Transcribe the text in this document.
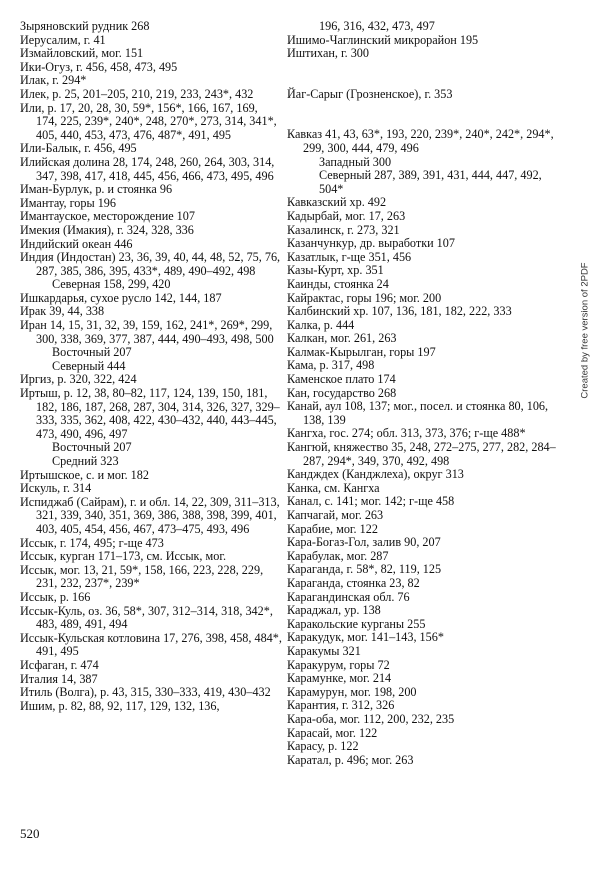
Зыряновский рудник 268

Иерусалим, г. 41

Измайловский, мог. 151

Ики-Огуз, г. 456, 458, 473, 495

Илак, г. 294*

Илек, р. 25, 201–205, 210, 219, 233, 243*, 432

Или, р. 17, 20, 28, 30, 59*, 156*, 166, 167, 169, 174, 225, 239*, 240*, 248, 270*, 273, 314, 341*, 405, 440, 453, 473, 476, 487*, 491, 495

Или-Балык, г. 456, 495

Илийская долина 28, 174, 248, 260, 264, 303, 314, 347, 398, 417, 418, 445, 456, 466, 473, 495, 496

Иман-Бурлук, р. и стоянка 96

Имантау, горы 196

Имантауское, месторождение 107

Имекия (Имакия), г. 324, 328, 336

Индийский океан 446

Индия (Индостан) 23, 36, 39, 40, 44, 48, 52, 75, 76, 287, 385, 386, 395, 433*, 489, 490–492, 498

Северная 158, 299, 420

Ишкардарья, сухое русло 142, 144, 187

Ирак 39, 44, 338

Иран 14, 15, 31, 32, 39, 159, 162, 241*, 269*, 299, 300, 338, 369, 377, 387, 444, 490–493, 498, 500

Восточный 207

Северный 444

Иргиз, р. 320, 322, 424

Иртыш, р. 12, 38, 80–82, 117, 124, 139, 150, 181, 182, 186, 187, 268, 287, 304, 314, 326, 327, 329–333, 335, 362, 408, 422, 430–432, 440, 443–445, 473, 490, 496, 497

Восточный 207

Средний 323

Иртышское, с. и мог. 182

Искуль, г. 314

Испиджаб (Сайрам), г. и обл. 14, 22, 309, 311–313, 321, 339, 340, 351, 369, 386, 388, 398, 399, 401, 403, 405, 454, 456, 467, 473–475, 493, 496

Иссык, г. 174, 495; г-ще 473

Иссык, курган 171–173, см. Иссык, мог.

Иссык, мог. 13, 21, 59*, 158, 166, 223, 228, 229, 231, 232, 237*, 239*

Иссык, р. 166

Иссык-Куль, оз. 36, 58*, 307, 312–314, 318, 342*, 483, 489, 491, 494

Иссык-Кульская котловина 17, 276, 398, 458, 484*, 491, 495

Исфаган, г. 474

Италия 14, 387

Итиль (Волга), р. 43, 315, 330–333, 419, 430–432

Ишим, р. 82, 88, 92, 117, 129, 132, 136,

196, 316, 432, 473, 497

Ишимо-Чаглинский микрорайон 195

Иштихан, г. 300

Йаг-Сарыг (Грозненское), г. 353

Кавказ 41, 43, 63*, 193, 220, 239*, 240*, 242*, 294*, 299, 300, 444, 479, 496

Западный 300

Северный 287, 389, 391, 431, 444, 447, 492, 504*

Кавказский хр. 492

Кадырбай, мог. 17, 263

Казалинск, г. 273, 321

Казанчункур, др. выработки 107

Казатлык, г-ще 351, 456

Казы-Курт, хр. 351

Каинды, стоянка 24

Кайрактас, горы 196; мог. 200

Калбинский хр. 107, 136, 181, 182, 222, 333

Калка, р. 444

Калкан, мог. 261, 263

Калмак-Кырылган, горы 197

Кама, р. 317, 498

Каменское плато 174

Кан, государство 268

Канай, аул 108, 137; мог., посел. и стоянка 80, 106, 138, 139

Кангха, гос. 274; обл. 313, 373, 376; г-ще 488*

Кангюй, княжество 35, 248, 272–275, 277, 282, 284–287, 294*, 349, 370, 492, 498

Кандждех (Канджлеха), округ 313

Канка, см. Кангха

Канал, с. 141; мог. 142; г-ще 458

Капчагай, мог. 263

Карабие, мог. 122

Кара-Богаз-Гол, залив 90, 207

Карабулак, мог. 287

Караганда, г. 58*, 82, 119, 125

Караганда, стоянка 23, 82

Карагандинская обл. 76

Караджал, ур. 138

Каракольские курганы 255

Каракудук, мог. 141–143, 156*

Каракумы 321

Каракурум, горы 72

Карамунке, мог. 214

Карамурун, мог. 198, 200

Карантия, г. 312, 326

Кара-оба, мог. 112, 200, 232, 235

Карасай, мог. 122

Карасу, р. 122

Каратал, р. 496; мог. 263

520
Created by free version of 2PDF
